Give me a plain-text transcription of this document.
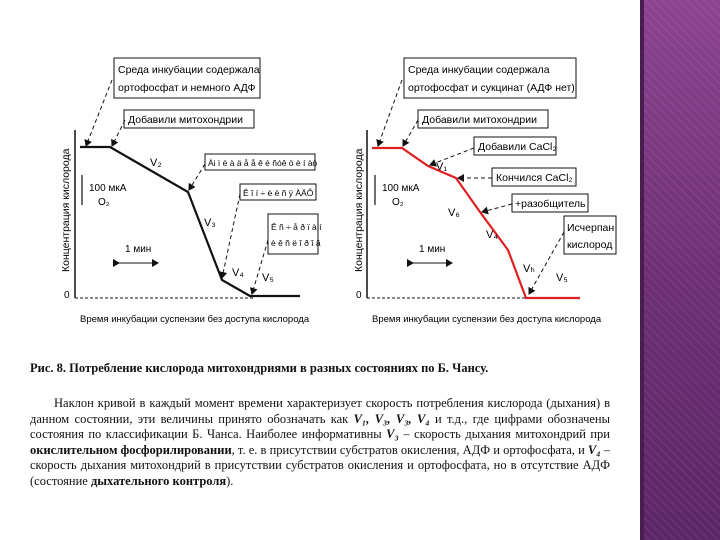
Концентрация кислорода
0
Время инкубации суспензии без доступа кислорода
Среда инкубации содержала
ортофосфат и немного АДФ
Добавили митохондрии
Ài ì ë à ä å å ê é ñóê ö è í àò
Ê î í ÷ è ë ñ ÿ ÀÄÔ
Ê ñ ÷ å ð ï à í
è ê ñ ë î ð î ä
V₂
V₃
V₄ V₅
100 мкА
O₂
1 мин	Концентрация кислорода
0
Время инкубации суспензии без доступа кислорода
Среда инкубации содержала
ортофосфат и сукцинат (АДФ нет)
Добавили митохондрии
Добавили CaCl₂
Кончился CaCl₂
+разобщитель
Исчерпан
кислород
V₁
V₆
V₄
Vₕ
V₅
100 мкА
O₂
1 мин
Рис. 8. Потребление кислорода митохондриями в разных состояниях по Б. Чансу.

Наклон кривой в каждый момент времени характеризует скорость потребления кислорода (дыхания) в данном состоянии, эти величины принято обозначать как V₁, V₃, V₃, V₄ и т.д., где цифрами обозначены состояния по классификации Б. Чанса. Наиболее информативны V₃ – скорость дыхания митохондрий при окислительном фосфорилировании, т. е. в присутствии субстратов окисления, АДФ и ортофосфата, и V₄ – скорость дыхания митохондрий в присутствии субстратов окисления и ортофосфата, но в отсутствие АДФ (состояние дыхательного контроля).
